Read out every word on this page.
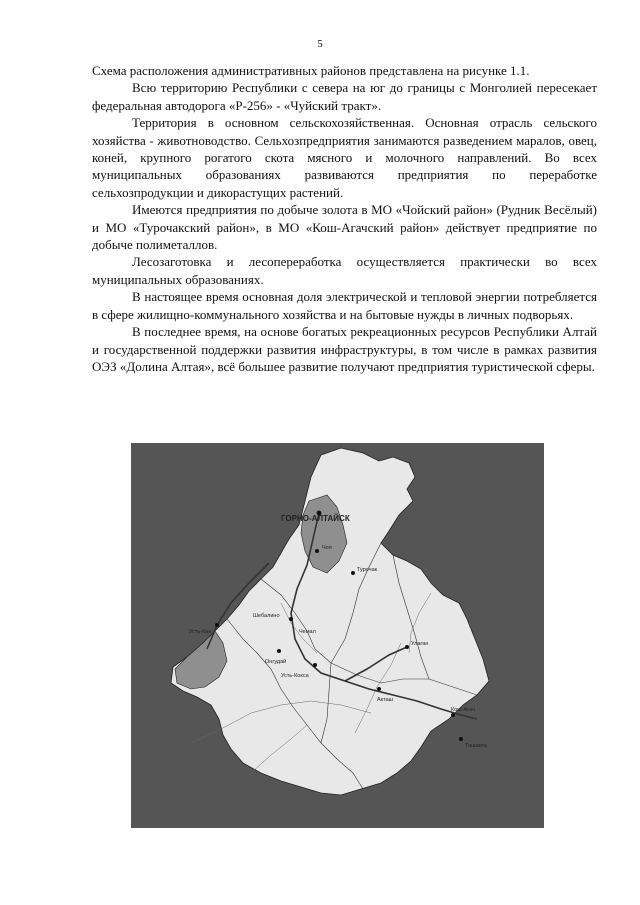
5

Схема расположения административных районов представлена на рисунке 1.1.

Всю территорию Республики с севера на юг до границы с Монголией пересекает федеральная автодорога «Р-256» - «Чуйский тракт».

Территория в основном сельскохозяйственная. Основная отрасль сельского хозяйства - животноводство. Сельхозпредприятия занимаются разведением маралов, овец, коней, крупного рогатого скота мясного и молочного направлений. Во всех муниципальных образованиях развиваются предприятия по переработке сельхозпродукции и дикорастущих растений.

Имеются предприятия по добыче золота в МО «Чойский район» (Рудник Весёлый) и МО «Турочакский район», в МО «Кош-Агачский район» действует предприятие по добыче полиметаллов.

Лесозаготовка и лесопереработка осуществляется практически во всех муниципальных образованиях.

В настоящее время основная доля электрической и тепловой энергии потребляется в сфере жилищно-коммунального хозяйства и на бытовые нужды в личных подворьях.

В последнее время, на основе богатых рекреационных ресурсов Республики Алтай и государственной поддержки развития инфраструктуры, в том числе в рамках развития ОЭЗ «Долина Алтая», всё большее развитие получают предприятия туристической сферы.

ГОРНО-АЛТАЙСК
Чоя
Шебалино
Усть-Кан
Онгудай
Усть-Кокса
Улаган
Акташ
Кош-Агач
Ташанта
Турочак
Чемал
